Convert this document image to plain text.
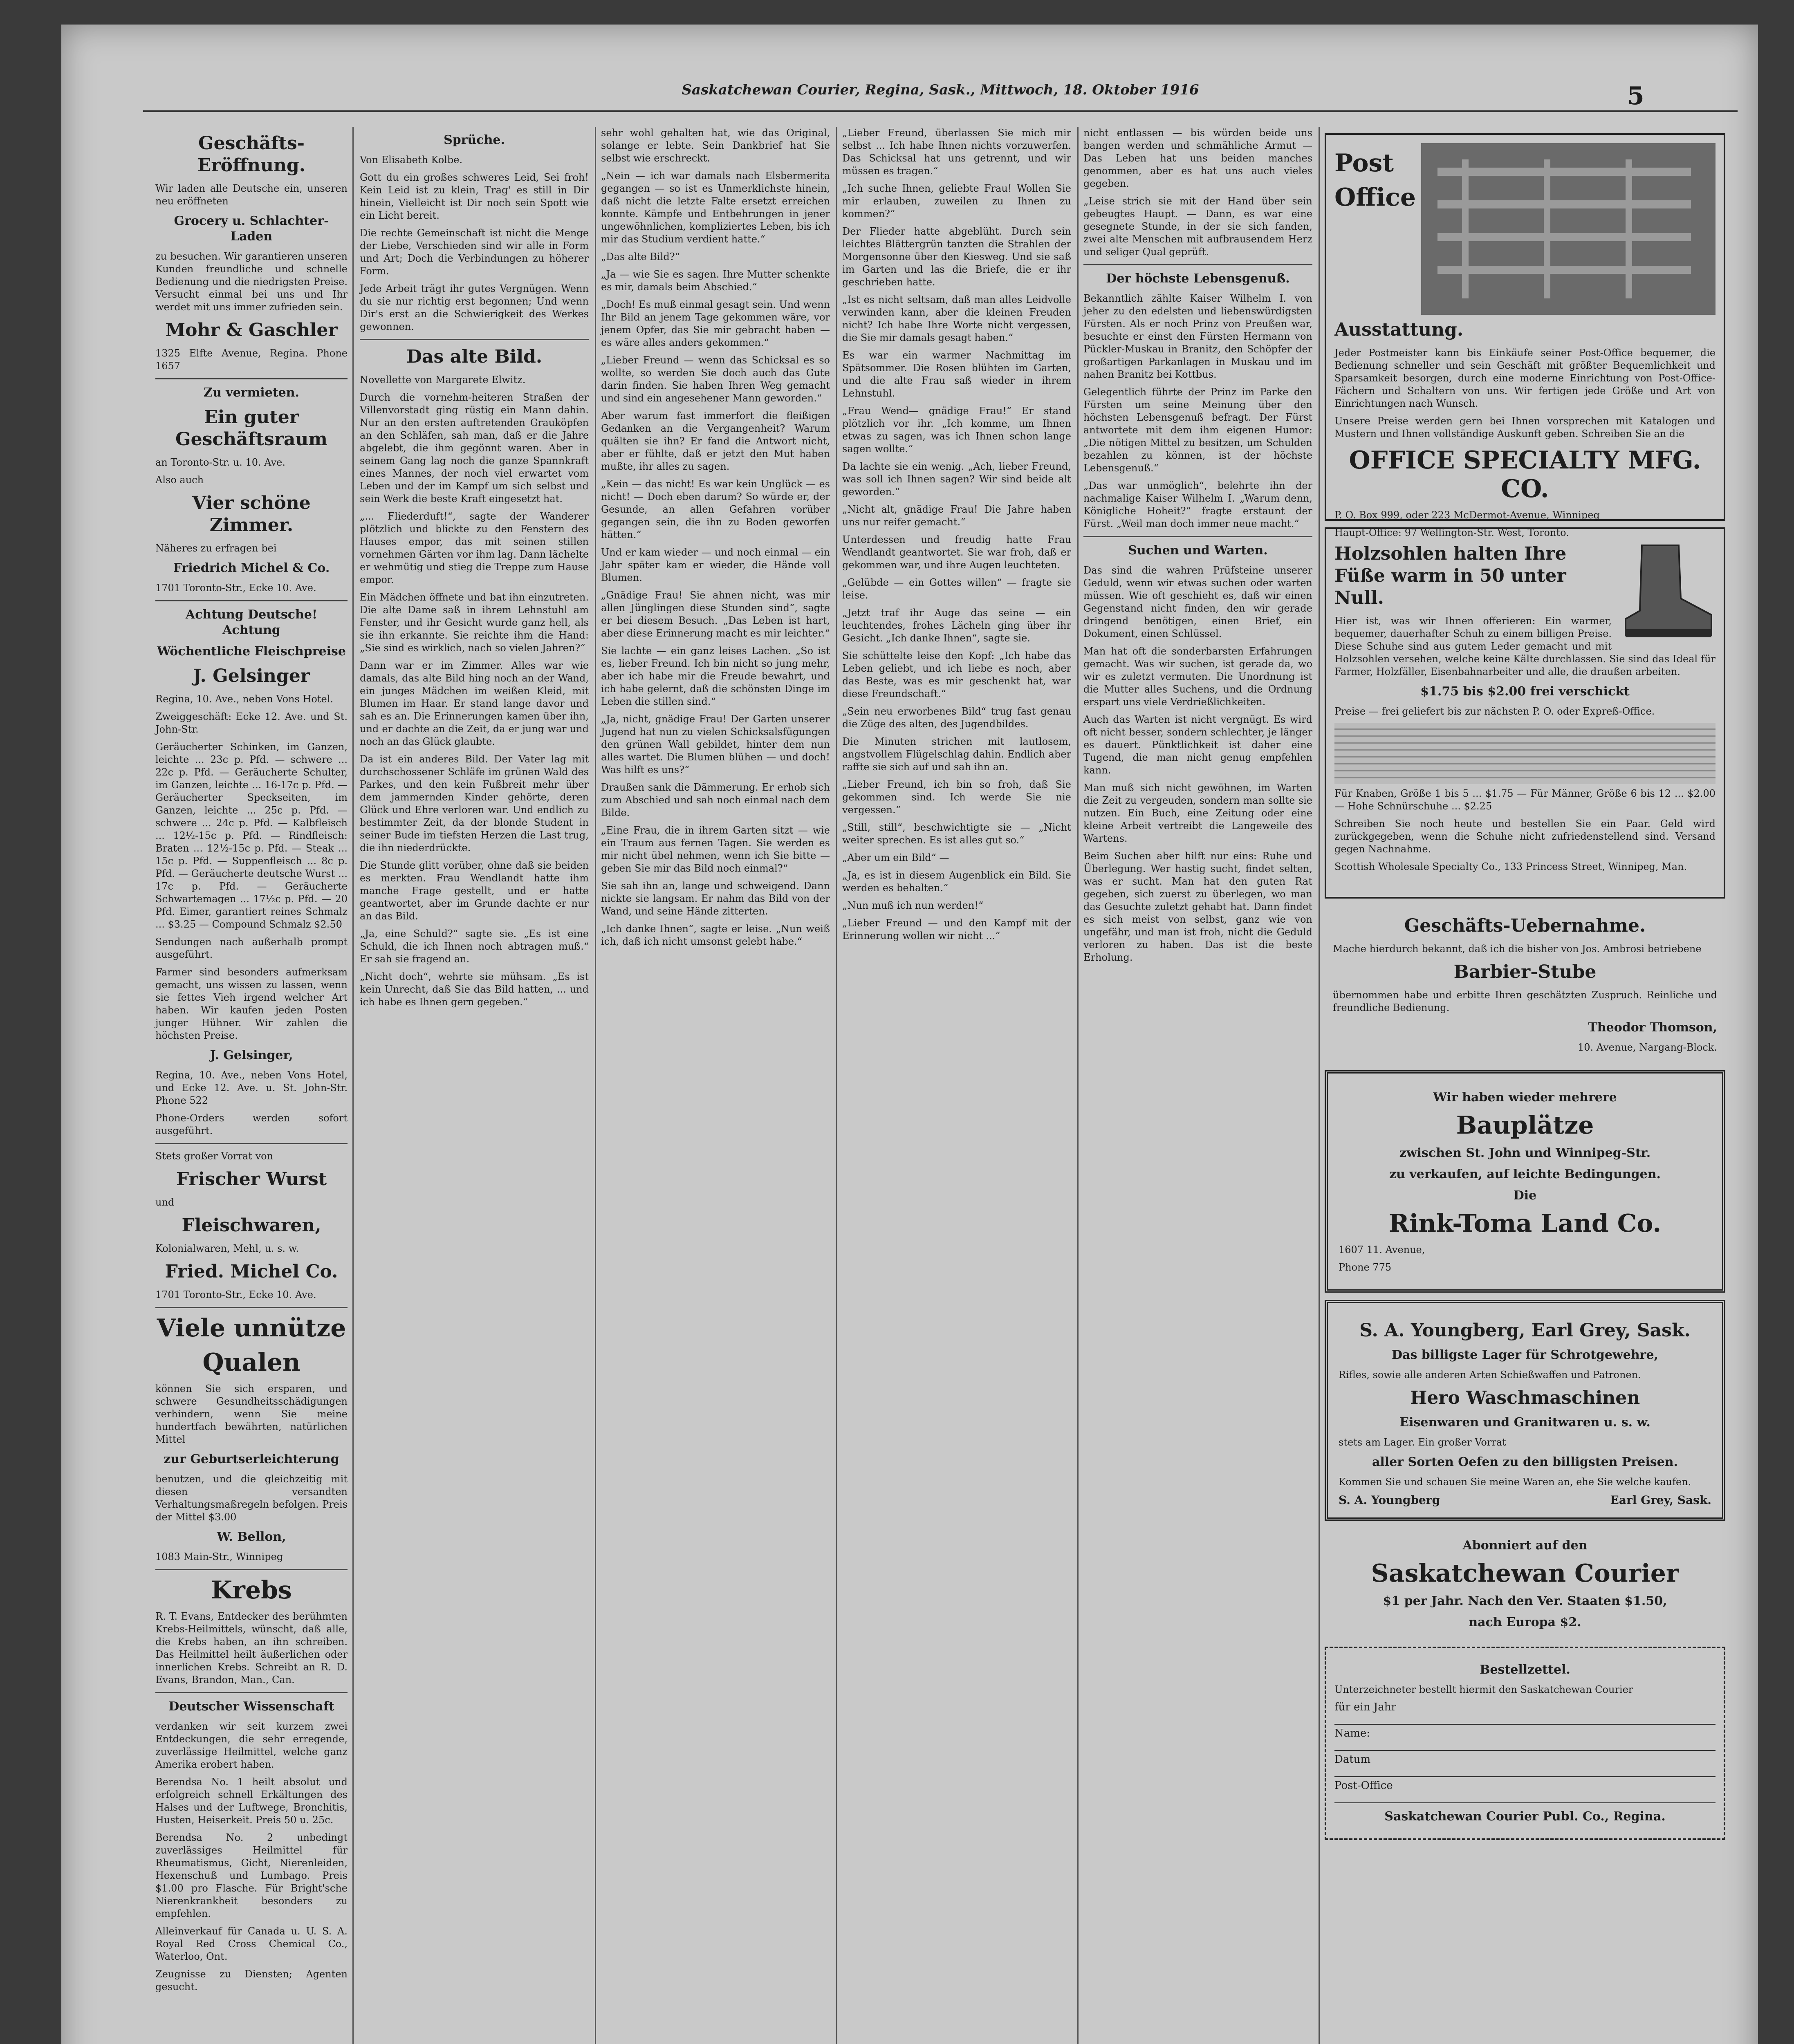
Saskatchewan Courier, Regina, Sask., Mittwoch, 18. Oktober 1916	5
Geschäfts-Eröffnung.

Wir laden alle Deutsche ein, unseren neu eröffneten

Grocery u. Schlachter-Laden

zu besuchen. Wir garantieren unseren Kunden freundliche und schnelle Bedienung und die niedrigsten Preise. Versucht einmal bei uns und Ihr werdet mit uns immer zufrieden sein.

Mohr & Gaschler

1325 Elfte Avenue, Regina. Phone 1657

Zu vermieten.
Ein guter Geschäftsraum

an Toronto-Str. u. 10. Ave.

Also auch

Vier schöne Zimmer.

Näheres zu erfragen bei

Friedrich Michel & Co.

1701 Toronto-Str., Ecke 10. Ave.

Achtung Deutsche! Achtung
Wöchentliche Fleischpreise
J. Gelsinger

Regina, 10. Ave., neben Vons Hotel.

Zweiggeschäft: Ecke 12. Ave. und St. John-Str.

Geräucherter Schinken, im Ganzen, leichte ... 23c p. Pfd. — schwere ... 22c p. Pfd. — Geräucherte Schulter, im Ganzen, leichte ... 16-17c p. Pfd. — Geräucherter Speckseiten, im Ganzen, leichte ... 25c p. Pfd. — schwere ... 24c p. Pfd. — Kalbfleisch ... 12½-15c p. Pfd. — Rindfleisch: Braten ... 12½-15c p. Pfd. — Steak ... 15c p. Pfd. — Suppenfleisch ... 8c p. Pfd. — Geräucherte deutsche Wurst ... 17c p. Pfd. — Geräucherte Schwartemagen ... 17½c p. Pfd. — 20 Pfd. Eimer, garantiert reines Schmalz ... $3.25 — Compound Schmalz $2.50

Sendungen nach außerhalb prompt ausgeführt.

Farmer sind besonders aufmerksam gemacht, uns wissen zu lassen, wenn sie fettes Vieh irgend welcher Art haben. Wir kaufen jeden Posten junger Hühner. Wir zahlen die höchsten Preise.

J. Gelsinger,

Regina, 10. Ave., neben Vons Hotel, und Ecke 12. Ave. u. St. John-Str. Phone 522

Phone-Orders werden sofort ausgeführt.

Stets großer Vorrat von

Frischer Wurst

und

Fleischwaren,

Kolonialwaren, Mehl, u. s. w.

Fried. Michel Co.

1701 Toronto-Str., Ecke 10. Ave.

Viele unnütze
Qualen

können Sie sich ersparen, und schwere Gesundheitsschädigungen verhindern, wenn Sie meine hundertfach bewährten, natürlichen Mittel

zur Geburtserleichterung

benutzen, und die gleichzeitig mit diesen versandten Verhaltungsmaßregeln befolgen. Preis der Mittel $3.00

W. Bellon,

1083 Main-Str., Winnipeg

Krebs

R. T. Evans, Entdecker des berühmten Krebs-Heilmittels, wünscht, daß alle, die Krebs haben, an ihn schreiben. Das Heilmittel heilt äußerlichen oder innerlichen Krebs. Schreibt an R. D. Evans, Brandon, Man., Can.

Deutscher Wissenschaft

verdanken wir seit kurzem zwei Entdeckungen, die sehr erregende, zuverlässige Heilmittel, welche ganz Amerika erobert haben.

Berendsa No. 1 heilt absolut und erfolgreich schnell Erkältungen des Halses und der Luftwege, Bronchitis, Husten, Heiserkeit. Preis 50 u. 25c.

Berendsa No. 2 unbedingt zuverlässiges Heilmittel für Rheumatismus, Gicht, Nierenleiden, Hexenschuß und Lumbago. Preis $1.00 pro Flasche. Für Bright'sche Nierenkrankheit besonders zu empfehlen.

Alleinverkauf für Canada u. U. S. A. Royal Red Cross Chemical Co., Waterloo, Ont.

Zeugnisse zu Diensten; Agenten gesucht.

Sprüche.

Von Elisabeth Kolbe.

Gott du ein großes schweres Leid, Sei froh! Kein Leid ist zu klein, Trag' es still in Dir hinein, Vielleicht ist Dir noch sein Spott wie ein Licht bereit.

Die rechte Gemeinschaft ist nicht die Menge der Liebe, Verschieden sind wir alle in Form und Art; Doch die Verbindungen zu höherer Form.

Jede Arbeit trägt ihr gutes Vergnügen. Wenn du sie nur richtig erst begonnen; Und wenn Dir's erst an die Schwierigkeit des Werkes gewonnen.

Das alte Bild.

Novellette von Margarete Elwitz.

Durch die vornehm-heiteren Straßen der Villenvorstadt ging rüstig ein Mann dahin. Nur an den ersten auftretenden Grauköpfen an den Schläfen, sah man, daß er die Jahre abgelebt, die ihm gegönnt waren. Aber in seinem Gang lag noch die ganze Spannkraft eines Mannes, der noch viel erwartet vom Leben und der im Kampf um sich selbst und sein Werk die beste Kraft eingesetzt hat.

„... Fliederduft!“, sagte der Wanderer plötzlich und blickte zu den Fenstern des Hauses empor, das mit seinen stillen vornehmen Gärten vor ihm lag. Dann lächelte er wehmütig und stieg die Treppe zum Hause empor.

Ein Mädchen öffnete und bat ihn einzutreten. Die alte Dame saß in ihrem Lehnstuhl am Fenster, und ihr Gesicht wurde ganz hell, als sie ihn erkannte. Sie reichte ihm die Hand: „Sie sind es wirklich, nach so vielen Jahren?“

Dann war er im Zimmer. Alles war wie damals, das alte Bild hing noch an der Wand, ein junges Mädchen im weißen Kleid, mit Blumen im Haar. Er stand lange davor und sah es an. Die Erinnerungen kamen über ihn, und er dachte an die Zeit, da er jung war und noch an das Glück glaubte.

Da ist ein anderes Bild. Der Vater lag mit durchschossener Schläfe im grünen Wald des Parkes, und den kein Fußbreit mehr über dem jammernden Kinder gehörte, deren Glück und Ehre verloren war. Und endlich zu bestimmter Zeit, da der blonde Student in seiner Bude im tiefsten Herzen die Last trug, die ihn niederdrückte.

Die Stunde glitt vorüber, ohne daß sie beiden es merkten. Frau Wendlandt hatte ihm manche Frage gestellt, und er hatte geantwortet, aber im Grunde dachte er nur an das Bild.

„Ja, eine Schuld?“ sagte sie. „Es ist eine Schuld, die ich Ihnen noch abtragen muß.“ Er sah sie fragend an.

„Nicht doch“, wehrte sie mühsam. „Es ist kein Unrecht, daß Sie das Bild hatten, ... und ich habe es Ihnen gern gegeben.“

sehr wohl gehalten hat, wie das Original, solange er lebte. Sein Dankbrief hat Sie selbst wie erschreckt.

„Nein — ich war damals nach Elsbermerita gegangen — so ist es Unmerklichste hinein, daß nicht die letzte Falte ersetzt erreichen konnte. Kämpfe und Entbehrungen in jener ungewöhnlichen, kompliziertes Leben, bis ich mir das Studium verdient hatte.“

„Das alte Bild?“

„Ja — wie Sie es sagen. Ihre Mutter schenkte es mir, damals beim Abschied.“

„Doch! Es muß einmal gesagt sein. Und wenn Ihr Bild an jenem Tage gekommen wäre, vor jenem Opfer, das Sie mir gebracht haben — es wäre alles anders gekommen.“

„Lieber Freund — wenn das Schicksal es so wollte, so werden Sie doch auch das Gute darin finden. Sie haben Ihren Weg gemacht und sind ein angesehener Mann geworden.“

Aber warum fast immerfort die fleißigen Gedanken an die Vergangenheit? Warum quälten sie ihn? Er fand die Antwort nicht, aber er fühlte, daß er jetzt den Mut haben mußte, ihr alles zu sagen.

„Kein — das nicht! Es war kein Unglück — es nicht! — Doch eben darum? So würde er, der Gesunde, an allen Gefahren vorüber gegangen sein, die ihn zu Boden geworfen hätten.“

Und er kam wieder — und noch einmal — ein Jahr später kam er wieder, die Hände voll Blumen.

„Gnädige Frau! Sie ahnen nicht, was mir allen Jünglingen diese Stunden sind“, sagte er bei diesem Besuch. „Das Leben ist hart, aber diese Erinnerung macht es mir leichter.“

Sie lachte — ein ganz leises Lachen. „So ist es, lieber Freund. Ich bin nicht so jung mehr, aber ich habe mir die Freude bewahrt, und ich habe gelernt, daß die schönsten Dinge im Leben die stillen sind.“

„Ja, nicht, gnädige Frau! Der Garten unserer Jugend hat nun zu vielen Schicksalsfügungen den grünen Wall gebildet, hinter dem nun alles wartet. Die Blumen blühen — und doch! Was hilft es uns?“

Draußen sank die Dämmerung. Er erhob sich zum Abschied und sah noch einmal nach dem Bilde.

„Eine Frau, die in ihrem Garten sitzt — wie ein Traum aus fernen Tagen. Sie werden es mir nicht übel nehmen, wenn ich Sie bitte — geben Sie mir das Bild noch einmal?“

Sie sah ihn an, lange und schweigend. Dann nickte sie langsam. Er nahm das Bild von der Wand, und seine Hände zitterten.

„Ich danke Ihnen“, sagte er leise. „Nun weiß ich, daß ich nicht umsonst gelebt habe.“

„Lieber Freund, überlassen Sie mich mir selbst ... Ich habe Ihnen nichts vorzuwerfen. Das Schicksal hat uns getrennt, und wir müssen es tragen.“

„Ich suche Ihnen, geliebte Frau! Wollen Sie mir erlauben, zuweilen zu Ihnen zu kommen?“

Der Flieder hatte abgeblüht. Durch sein leichtes Blättergrün tanzten die Strahlen der Morgensonne über den Kiesweg. Und sie saß im Garten und las die Briefe, die er ihr geschrieben hatte.

„Ist es nicht seltsam, daß man alles Leidvolle verwinden kann, aber die kleinen Freuden nicht? Ich habe Ihre Worte nicht vergessen, die Sie mir damals gesagt haben.“

Es war ein warmer Nachmittag im Spätsommer. Die Rosen blühten im Garten, und die alte Frau saß wieder in ihrem Lehnstuhl.

„Frau Wend— gnädige Frau!“ Er stand plötzlich vor ihr. „Ich komme, um Ihnen etwas zu sagen, was ich Ihnen schon lange sagen wollte.“

Da lachte sie ein wenig. „Ach, lieber Freund, was soll ich Ihnen sagen? Wir sind beide alt geworden.“

„Nicht alt, gnädige Frau! Die Jahre haben uns nur reifer gemacht.“

Unterdessen und freudig hatte Frau Wendlandt geantwortet. Sie war froh, daß er gekommen war, und ihre Augen leuchteten.

„Gelübde — ein Gottes willen“ — fragte sie leise.

„Jetzt traf ihr Auge das seine — ein leuchtendes, frohes Lächeln ging über ihr Gesicht. „Ich danke Ihnen“, sagte sie.

Sie schüttelte leise den Kopf: „Ich habe das Leben geliebt, und ich liebe es noch, aber das Beste, was es mir geschenkt hat, war diese Freundschaft.“

„Sein neu erworbenes Bild“ trug fast genau die Züge des alten, des Jugendbildes.

Die Minuten strichen mit lautlosem, angstvollem Flügelschlag dahin. Endlich aber raffte sie sich auf und sah ihn an.

„Lieber Freund, ich bin so froh, daß Sie gekommen sind. Ich werde Sie nie vergessen.“

„Still, still“, beschwichtigte sie — „Nicht weiter sprechen. Es ist alles gut so.“

„Aber um ein Bild“ —

„Ja, es ist in diesem Augenblick ein Bild. Sie werden es behalten.“

„Nun muß ich nun werden!“

„Lieber Freund — und den Kampf mit der Erinnerung wollen wir nicht ...“

nicht entlassen — bis würden beide uns bangen werden und schmähliche Armut — Das Leben hat uns beiden manches genommen, aber es hat uns auch vieles gegeben.

„Leise strich sie mit der Hand über sein gebeugtes Haupt. — Dann, es war eine gesegnete Stunde, in der sie sich fanden, zwei alte Menschen mit aufbrausendem Herz und seliger Qual geprüft.

Der höchste Lebensgenuß.

Bekanntlich zählte Kaiser Wilhelm I. von jeher zu den edelsten und liebenswürdigsten Fürsten. Als er noch Prinz von Preußen war, besuchte er einst den Fürsten Hermann von Pückler-Muskau in Branitz, den Schöpfer der großartigen Parkanlagen in Muskau und im nahen Branitz bei Kottbus.

Gelegentlich führte der Prinz im Parke den Fürsten um seine Meinung über den höchsten Lebensgenuß befragt. Der Fürst antwortete mit dem ihm eigenen Humor: „Die nötigen Mittel zu besitzen, um Schulden bezahlen zu können, ist der höchste Lebensgenuß.“

„Das war unmöglich“, belehrte ihn der nachmalige Kaiser Wilhelm I. „Warum denn, Königliche Hoheit?“ fragte erstaunt der Fürst. „Weil man doch immer neue macht.“

Suchen und Warten.

Das sind die wahren Prüfsteine unserer Geduld, wenn wir etwas suchen oder warten müssen. Wie oft geschieht es, daß wir einen Gegenstand nicht finden, den wir gerade dringend benötigen, einen Brief, ein Dokument, einen Schlüssel.

Man hat oft die sonderbarsten Erfahrungen gemacht. Was wir suchen, ist gerade da, wo wir es zuletzt vermuten. Die Unordnung ist die Mutter alles Suchens, und die Ordnung erspart uns viele Verdrießlichkeiten.

Auch das Warten ist nicht vergnügt. Es wird oft nicht besser, sondern schlechter, je länger es dauert. Pünktlichkeit ist daher eine Tugend, die man nicht genug empfehlen kann.

Man muß sich nicht gewöhnen, im Warten die Zeit zu vergeuden, sondern man sollte sie nutzen. Ein Buch, eine Zeitung oder eine kleine Arbeit vertreibt die Langeweile des Wartens.

Beim Suchen aber hilft nur eins: Ruhe und Überlegung. Wer hastig sucht, findet selten, was er sucht. Man hat den guten Rat gegeben, sich zuerst zu überlegen, wo man das Gesuchte zuletzt gehabt hat. Dann findet es sich meist von selbst, ganz wie von ungefähr, und man ist froh, nicht die Geduld verloren zu haben. Das ist die beste Erholung.

Post
Office
Ausstattung.

Jeder Postmeister kann bis Einkäufe seiner Post-Office bequemer, die Bedienung schneller und sein Geschäft mit größter Bequemlichkeit und Sparsamkeit besorgen, durch eine moderne Einrichtung von Post-Office-Fächern und Schaltern von uns. Wir fertigen jede Größe und Art von Einrichtungen nach Wunsch.

Unsere Preise werden gern bei Ihnen vorsprechen mit Katalogen und Mustern und Ihnen vollständige Auskunft geben. Schreiben Sie an die

OFFICE SPECIALTY MFG. CO.

P. O. Box 999, oder 223 McDermot-Avenue, Winnipeg

Haupt-Office: 97 Wellington-Str. West, Toronto.

Holzsohlen halten Ihre Füße warm in 50 unter Null.

Hier ist, was wir Ihnen offerieren: Ein warmer, bequemer, dauerhafter Schuh zu einem billigen Preise. Diese Schuhe sind aus gutem Leder gemacht und mit Holzsohlen versehen, welche keine Kälte durchlassen. Sie sind das Ideal für Farmer, Holzfäller, Eisenbahnarbeiter und alle, die draußen arbeiten.

$1.75 bis $2.00 frei verschickt

Preise — frei geliefert bis zur nächsten P. O. oder Expreß-Office.

Für Knaben, Größe 1 bis 5 ... $1.75 — Für Männer, Größe 6 bis 12 ... $2.00 — Hohe Schnürschuhe ... $2.25

Schreiben Sie noch heute und bestellen Sie ein Paar. Geld wird zurückgegeben, wenn die Schuhe nicht zufriedenstellend sind. Versand gegen Nachnahme.

Scottish Wholesale Specialty Co., 133 Princess Street, Winnipeg, Man.

Geschäfts-Uebernahme.

Mache hierdurch bekannt, daß ich die bisher von Jos. Ambrosi betriebene

Barbier-Stube

übernommen habe und erbitte Ihren geschätzten Zuspruch. Reinliche und freundliche Bedienung.

Theodor Thomson,

10. Avenue, Nargang-Block.

Wir haben wieder mehrere
Bauplätze
zwischen St. John und Winnipeg-Str.
zu verkaufen, auf leichte Bedingungen.
Die
Rink-Toma Land Co.

1607 11. Avenue,

Phone 775

S. A. Youngberg, Earl Grey, Sask.
Das billigste Lager für Schrotgewehre,

Rifles, sowie alle anderen Arten Schießwaffen und Patronen.

Hero Waschmaschinen
Eisenwaren und Granitwaren u. s. w.

stets am Lager. Ein großer Vorrat

aller Sorten Oefen zu den billigsten Preisen.

Kommen Sie und schauen Sie meine Waren an, ehe Sie welche kaufen.

S. A. Youngberg	Earl Grey, Sask.
Abonniert auf den
Saskatchewan Courier
$1 per Jahr. Nach den Ver. Staaten $1.50,
nach Europa $2.
Bestellzettel.

Unterzeichneter bestellt hiermit den Saskatchewan Courier

für ein Jahr
Name:
Datum
Post-Office
Saskatchewan Courier Publ. Co., Regina.
